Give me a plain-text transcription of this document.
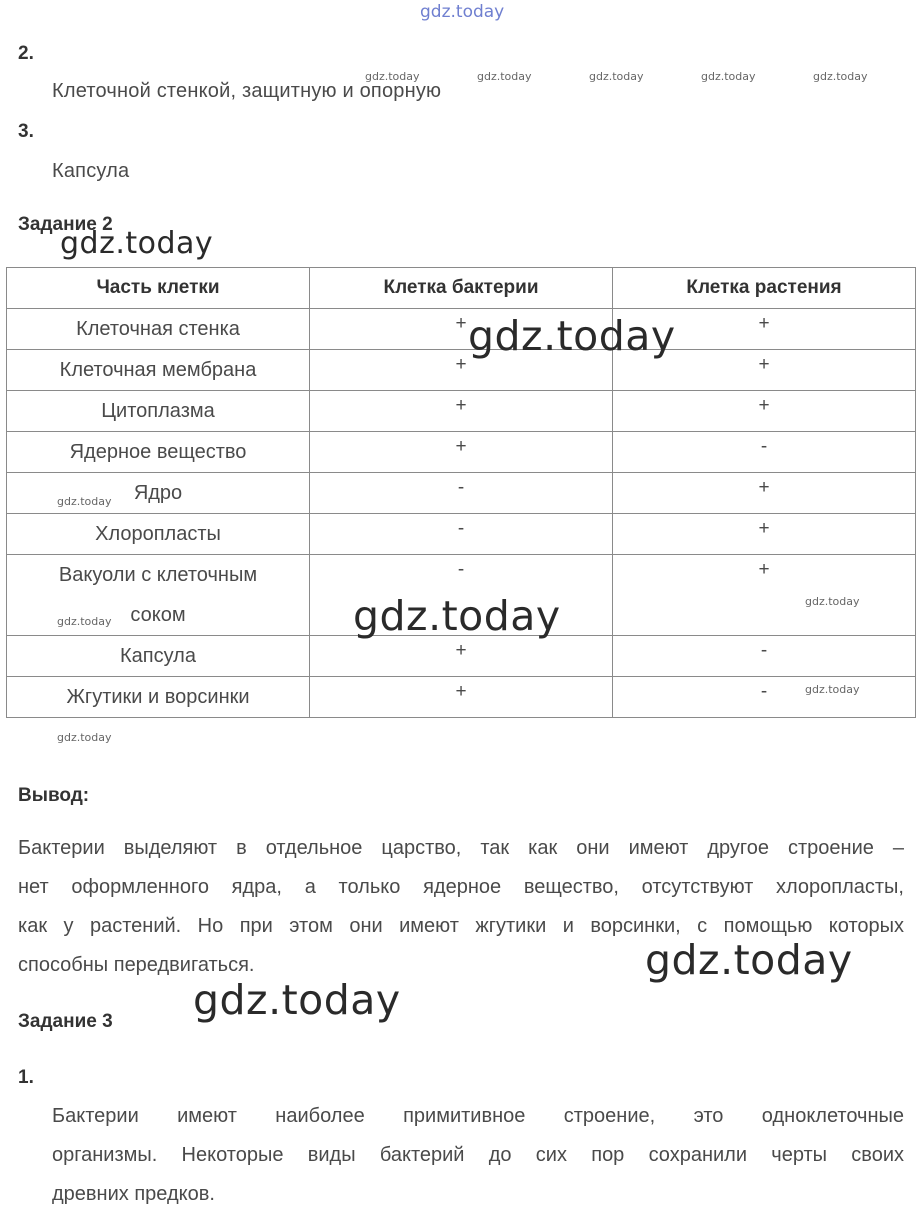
gdz.today
2.
Клеточной стенкой, защитную и опорную
3.
Капсула
gdz.today	gdz.today	gdz.today	gdz.today	gdz.today
Задание 2
gdz.today
Часть клетки	Клетка бактерии	Клетка растения
Клеточная стенка	+	+
Клеточная мембрана	+	+
Цитоплазма	+	+
Ядерное вещество	+	-
Ядро	-	+
Хлоропласты	-	+

Вакуоли с клеточным
соком	-	+
Капсула	+	-
Жгутики и ворсинки	+	-
gdz.today
gdz.today
gdz.today
gdz.today
gdz.today
gdz.today
gdz.today
Вывод:
Бактерии выделяют в отдельное царство, так как они имеют другое строение –
нет оформленного ядра, а только ядерное вещество, отсутствуют хлоропласты,
как у растений. Но при этом они имеют жгутики и ворсинки, с помощью которых
способны передвигаться.	gdz.today
gdz.today
Задание 3
1.
Бактерии имеют наиболее примитивное строение, это одноклеточные
организмы. Некоторые виды бактерий до сих пор сохранили черты своих
древних предков.
